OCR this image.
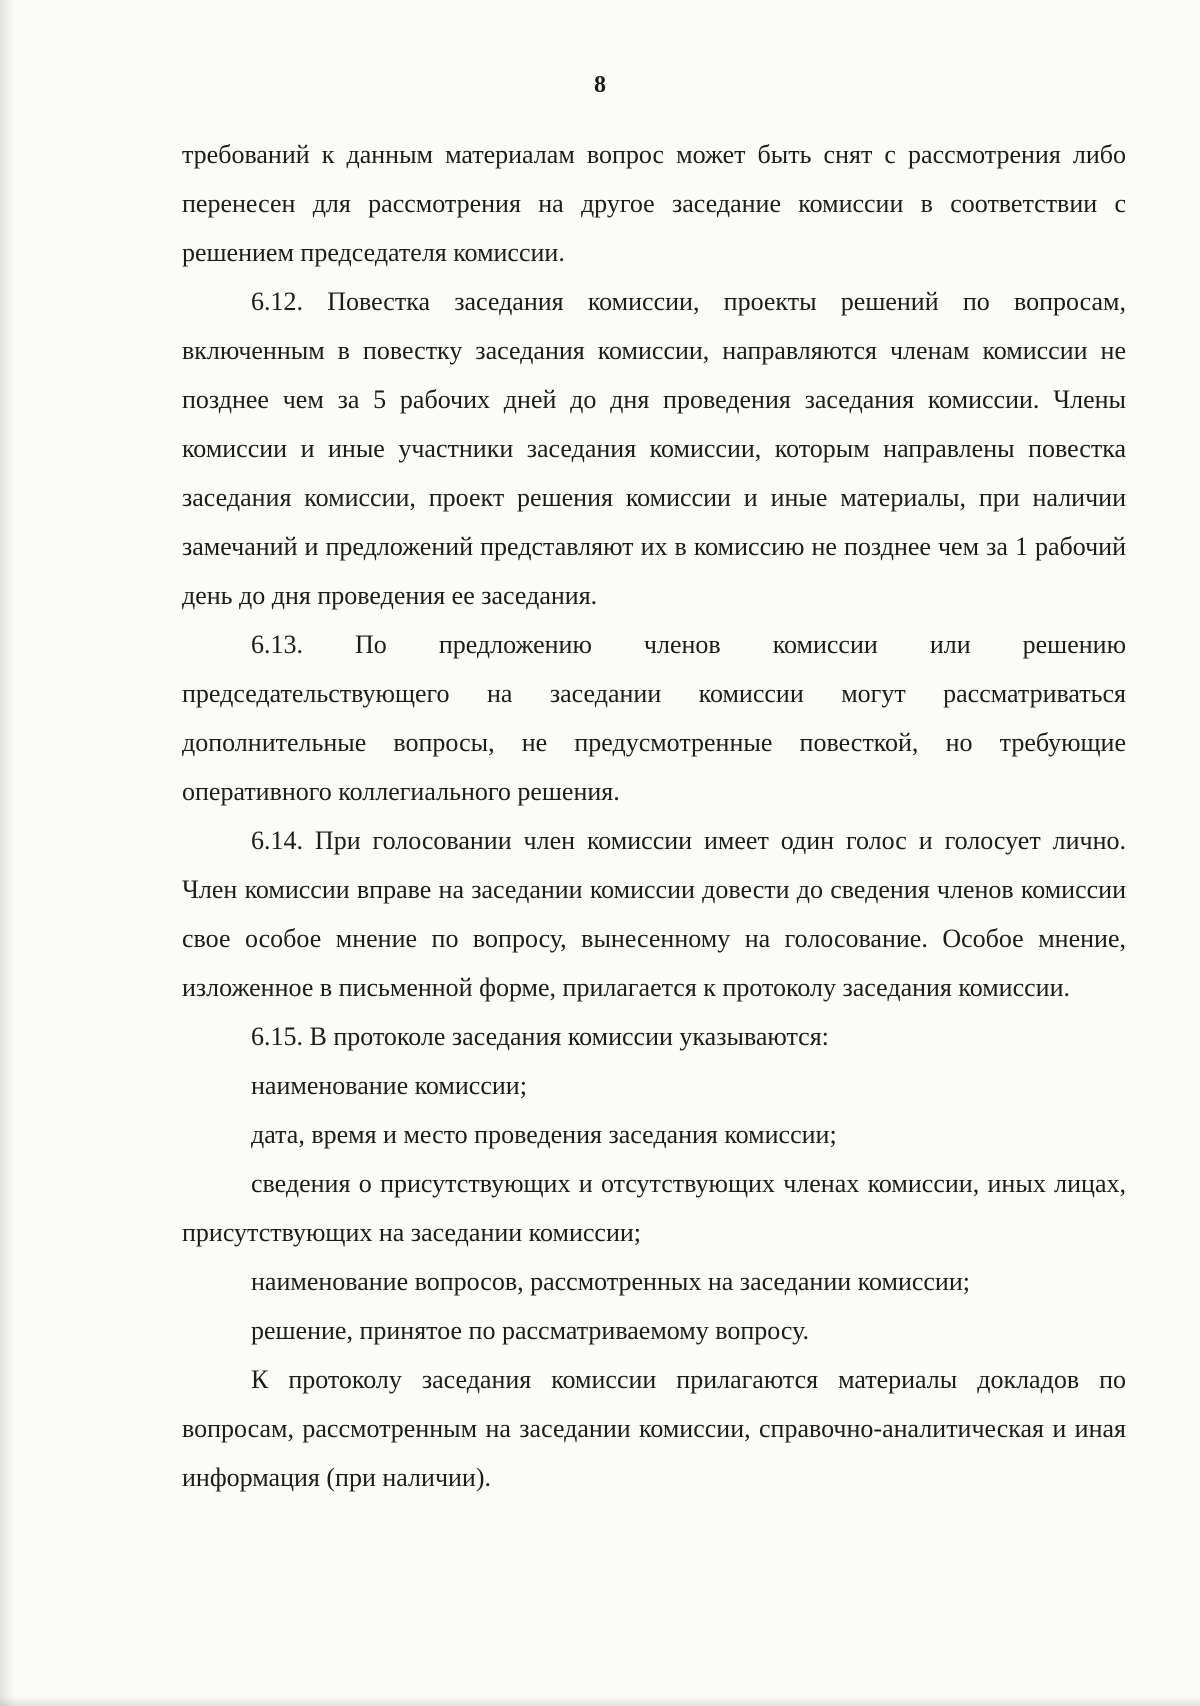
8

требований к данным материалам вопрос может быть снят с рассмотрения либо перенесен для рассмотрения на другое заседание комиссии в соответствии с решением председателя комиссии.

6.12. Повестка заседания комиссии, проекты решений по вопросам, включенным в повестку заседания комиссии, направляются членам комиссии не позднее чем за 5 рабочих дней до дня проведения заседания комиссии. Члены комиссии и иные участники заседания комиссии, которым направлены повестка заседания комиссии, проект решения комиссии и иные материалы, при наличии замечаний и предложений представляют их в комиссию не позднее чем за 1 рабочий день до дня проведения ее заседания.

6.13. По предложению членов комиссии или решению председательствующего на заседании комиссии могут рассматриваться дополнительные вопросы, не предусмотренные повесткой, но требующие оперативного коллегиального решения.

6.14. При голосовании член комиссии имеет один голос и голосует лично. Член комиссии вправе на заседании комиссии довести до сведения членов комиссии свое особое мнение по вопросу, вынесенному на голосование. Особое мнение, изложенное в письменной форме, прилагается к протоколу заседания комиссии.

6.15. В протоколе заседания комиссии указываются:

наименование комиссии;

дата, время и место проведения заседания комиссии;

сведения о присутствующих и отсутствующих членах комиссии, иных лицах, присутствующих на заседании комиссии;

наименование вопросов, рассмотренных на заседании комиссии;

решение, принятое по рассматриваемому вопросу.

К протоколу заседания комиссии прилагаются материалы докладов по вопросам, рассмотренным на заседании комиссии, справочно-аналитическая и иная информация (при наличии).
